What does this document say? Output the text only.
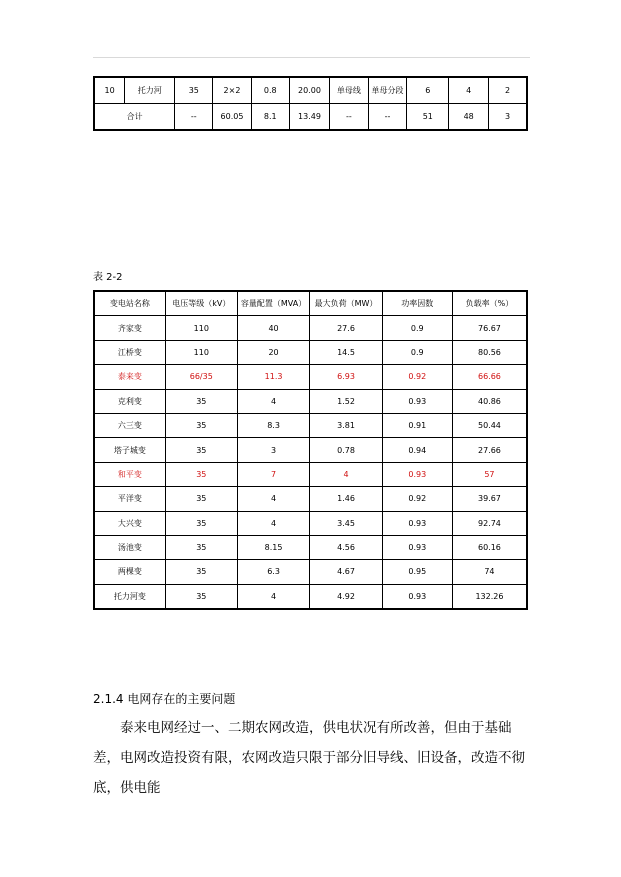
10	托力河	35	2×2	0.8	20.00	单母线	单母分段	6	4	2
合计		--	60.05	8.1	13.49	--	--	51	48	3
表 2-2
变电站名称	电压等级（kV）	容量配置（MVA）	最大负荷（MW）	功率因数	负载率（%）
齐家变	110	40	27.6	0.9	76.67
江桥变	110	20	14.5	0.9	80.56
泰来变	66/35	11.3	6.93	0.92	66.66
克利变	35	4	1.52	0.93	40.86
六三变	35	8.3	3.81	0.91	50.44
塔子城变	35	3	0.78	0.94	27.66
和平变	35	7	4	0.93	57
平洋变	35	4	1.46	0.92	39.67
大兴变	35	4	3.45	0.93	92.74
汤池变	35	8.15	4.56	0.93	60.16
两棵变	35	6.3	4.67	0.95	74
托力河变	35	4	4.92	0.93	132.26
2.1.4 电网存在的主要问题
泰来电网经过一、二期农网改造，供电状况有所改善，但由于基础差，电网改造投资有限，农网改造只限于部分旧导线、旧设备，改造不彻底，供电能
